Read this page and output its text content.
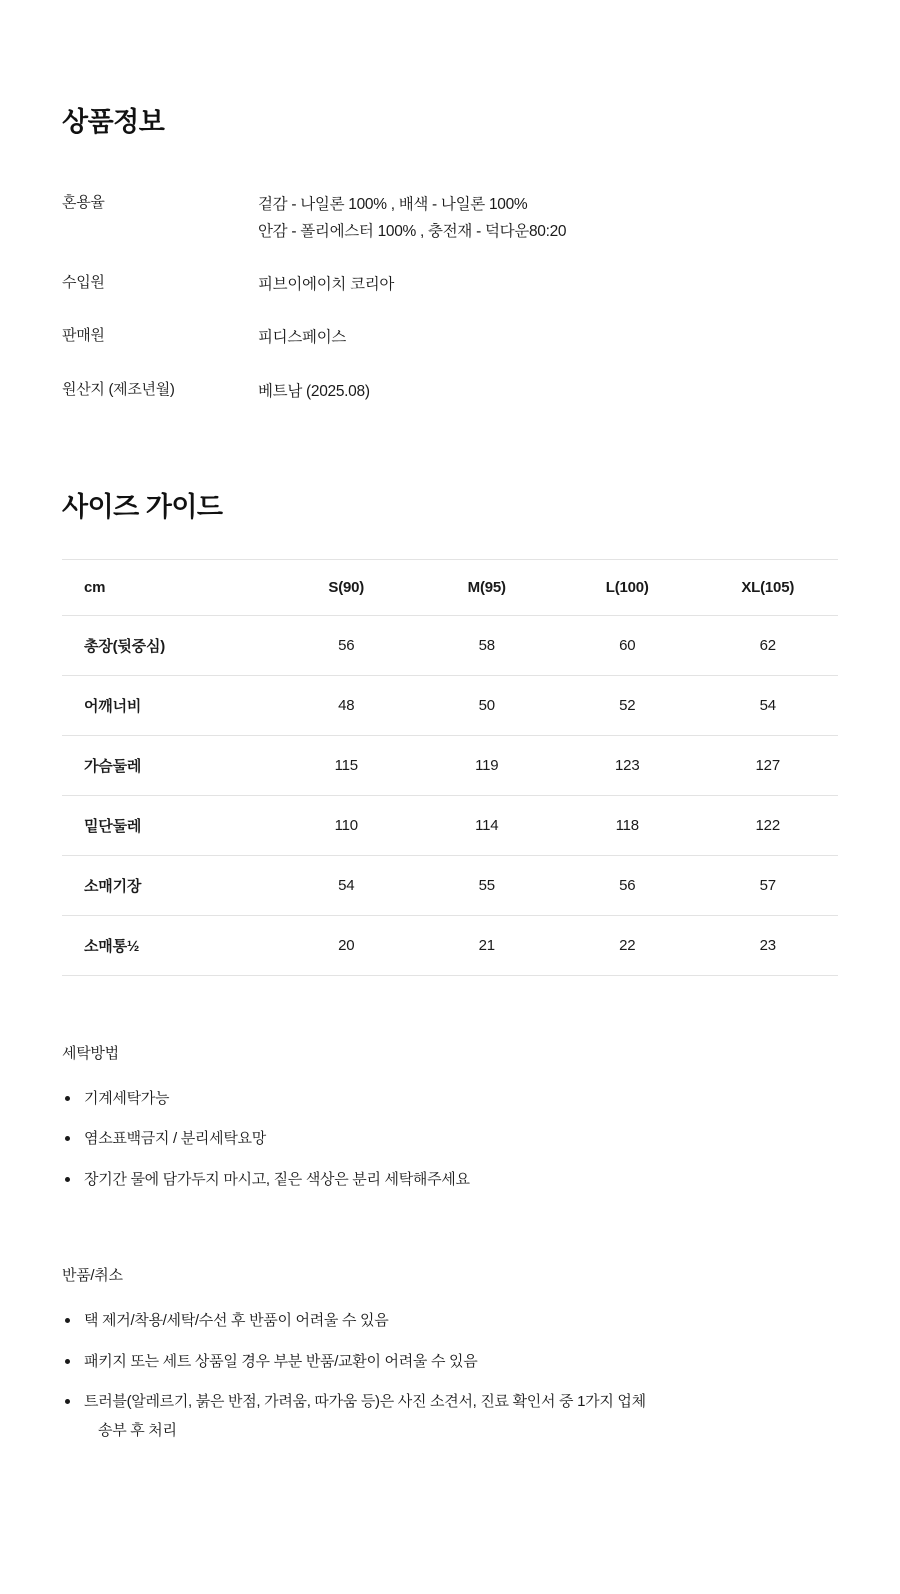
상품정보
혼용율	겉감 - 나일론 100% , 배색 - 나일론 100%
안감 - 폴리에스터 100% , 충전재 - 덕다운80:20

수입원	피브이에이치 코리아
판매원	피디스페이스
원산지 (제조년월)	베트남 (2025.08)
사이즈 가이드
cm	S(90)	M(95)	L(100)	XL(105)
총장(뒷중심)	56	58	60	62
어깨너비	48	50	52	54
가슴둘레	115	119	123	127
밑단둘레	110	114	118	122
소매기장	54	55	56	57
소매통½	20	21	22	23
세탁방법
기계세탁가능
염소표백금지 / 분리세탁요망
장기간 물에 담가두지 마시고, 짙은 색상은 분리 세탁해주세요
반품/취소
택 제거/착용/세탁/수선 후 반품이 어려울 수 있음
패키지 또는 세트 상품일 경우 부분 반품/교환이 어려울 수 있음
트러블(알레르기, 붉은 반점, 가려움, 따가움 등)은 사진 소견서, 진료 확인서 중 1가지 업체
송부 후 처리
